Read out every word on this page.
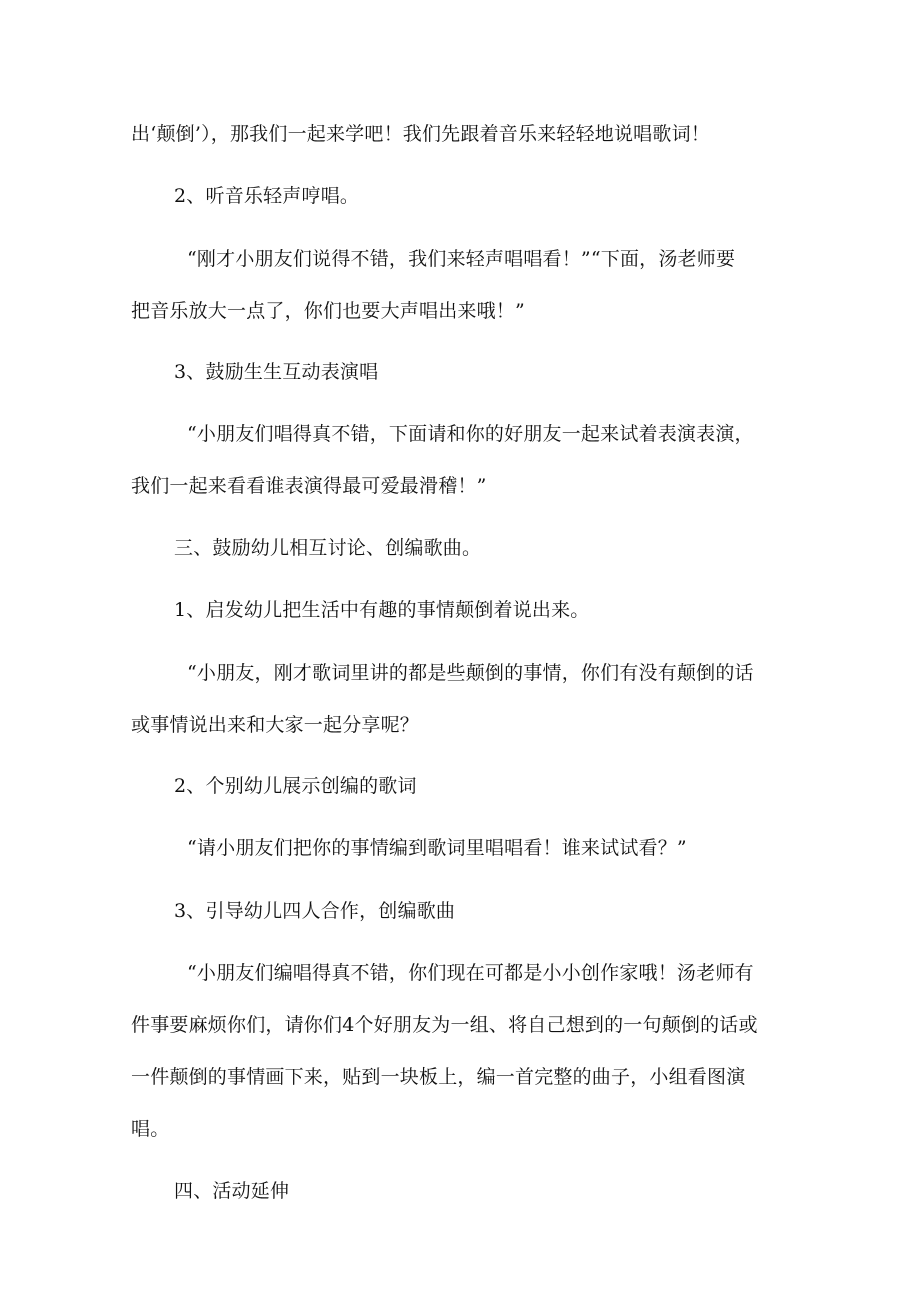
出‘颠倒’），那我们一起来学吧！我们先跟着音乐来轻轻地说唱歌词！
2、听音乐轻声哼唱。
“刚才小朋友们说得不错，我们来轻声唱唱看！”“下面，汤老师要
把音乐放大一点了，你们也要大声唱出来哦！”
3、鼓励生生互动表演唱
“小朋友们唱得真不错，下面请和你的好朋友一起来试着表演表演，
我们一起来看看谁表演得最可爱最滑稽！”
三、鼓励幼儿相互讨论、创编歌曲。
1、启发幼儿把生活中有趣的事情颠倒着说出来。
“小朋友，刚才歌词里讲的都是些颠倒的事情，你们有没有颠倒的话
或事情说出来和大家一起分享呢？
2、个别幼儿展示创编的歌词
“请小朋友们把你的事情编到歌词里唱唱看！谁来试试看？”
3、引导幼儿四人合作，创编歌曲
“小朋友们编唱得真不错，你们现在可都是小小创作家哦！汤老师有
件事要麻烦你们，请你们4个好朋友为一组、将自己想到的一句颠倒的话或
一件颠倒的事情画下来，贴到一块板上，编一首完整的曲子，小组看图演
唱。
四、活动延伸
